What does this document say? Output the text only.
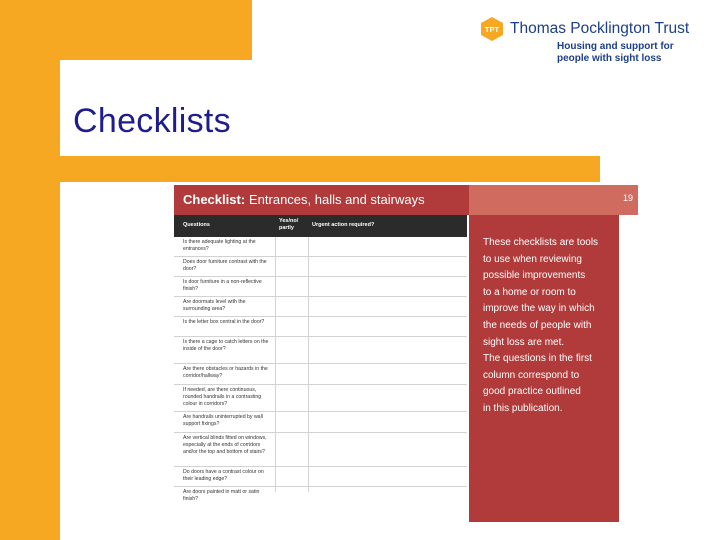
Checklists
TPT Thomas Pocklington Trust
Housing and support for
people with sight loss
Checklist: Entrances, halls and stairways	19
Questions
Yes/no/ partly	Urgent action required?
Is there adequate lighting at the entrances?
Does door furniture contrast with the door?
Is door furniture in a non-reflective finish?
Are doormats level with the surrounding area?
Is the letter box central in the door?
Is there a cage to catch letters on the inside of the door?
Are there obstacles or hazards in the corridor/hallway?
If needed, are there continuous, rounded handrails in a contrasting colour in corridors?
Are handrails uninterrupted by wall support fixings?
Are vertical blinds fitted on windows, especially at the ends of corridors and/or the top and bottom of stairs?
Do doors have a contrast colour on their leading edge?
Are doors painted in matt or satin finish?

These checklists are tools
to use when reviewing
possible improvements
to a home or room to
improve the way in which
the needs of people with
sight loss are met.
The questions in the first
column correspond to
good practice outlined
in this publication.
